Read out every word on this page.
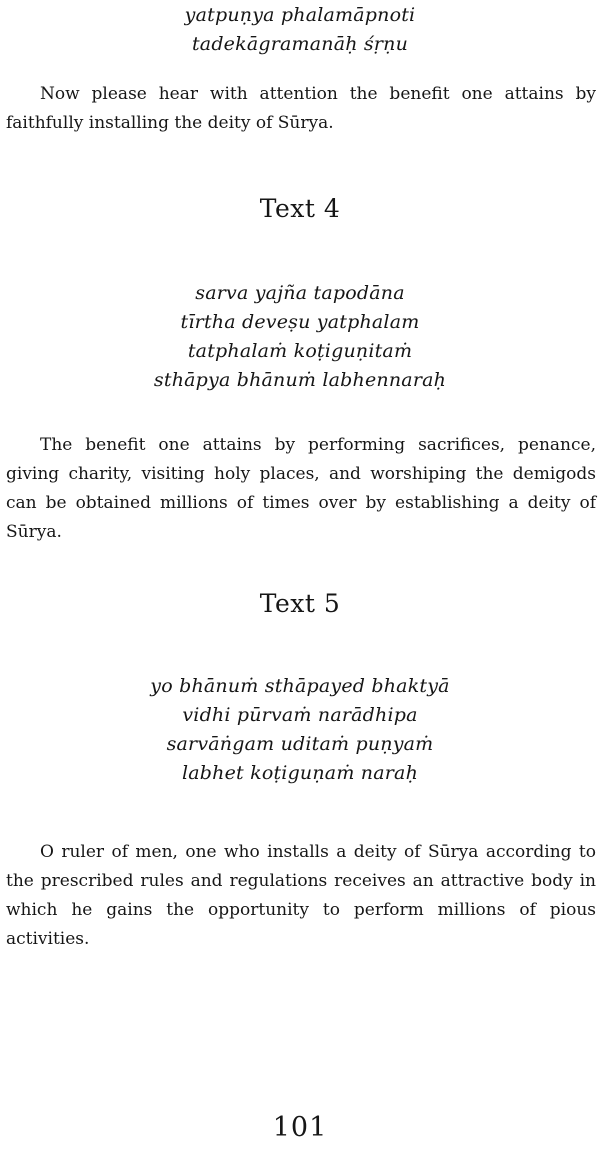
yatpuṇya phalamāpnoti
tadekāgramanāḥ śṛṇu

Now please hear with attention the benefit one attains by faithfully installing the deity of Sūrya.

Text 4
sarva yajña tapodāna
tīrtha deveṣu yatphalam
tatphalaṁ koṭiguṇitaṁ
sthāpya bhānuṁ labhennaraḥ

The benefit one attains by performing sacrifices, penance, giving charity, visiting holy places, and worshiping the demigods can be obtained millions of times over by establishing a deity of Sūrya.

Text 5
yo bhānuṁ sthāpayed bhaktyā
vidhi pūrvaṁ narādhipa
sarvāṅgam uditaṁ puṇyaṁ
labhet koṭiguṇaṁ naraḥ

O ruler of men, one who installs a deity of Sūrya according to the prescribed rules and regulations receives an attractive body in which he gains the opportunity to perform millions of pious activities.

101
